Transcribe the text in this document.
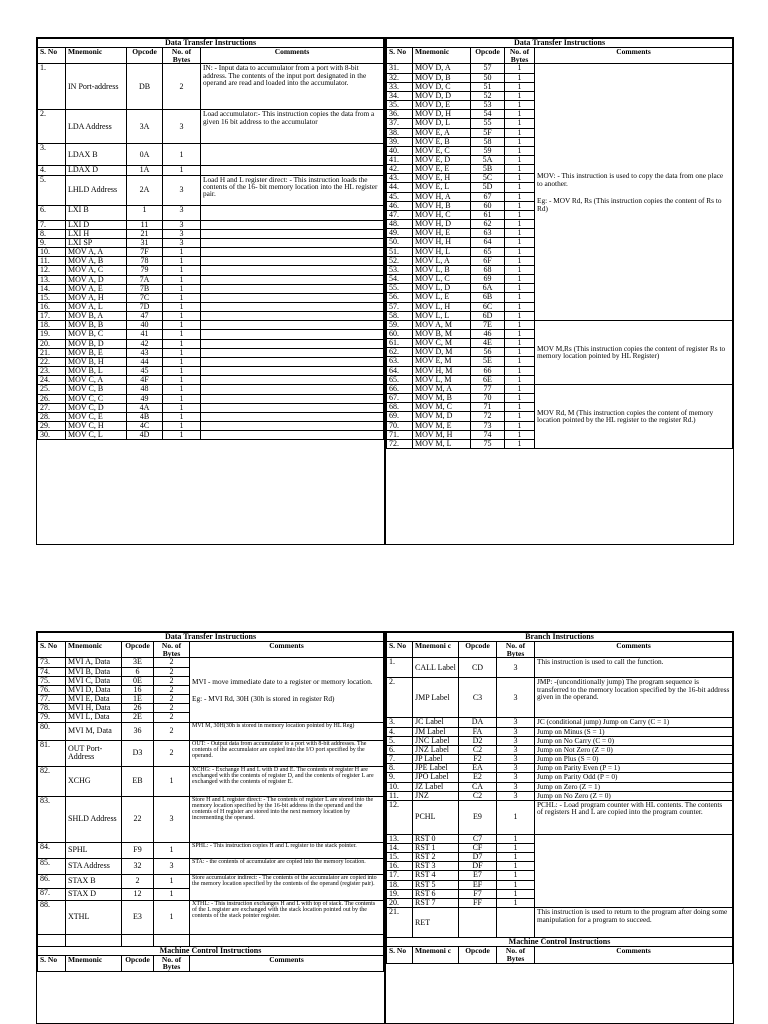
Data Transfer Instructions				
S. No	Mnemonic	Opcode	No. of Bytes	Comments
1.	IN Port-address	DB	2	IN: - Input data to accumulator from a port with 8-bit address. The contents of the input port designated in the operand are read and loaded into the accumulator.
2.	LDA Address	3A	3	Load accumulator:- This instruction copies the data from a given 16 bit address to the accumulator
3.	LDAX B	0A	1	
4.	LDAX D	1A	1	
5.	LHLD Address	2A	3	Load H and L register direct: - This instruction loads the contents of the 16- bit memory location into the HL register pair.
6.	LXI B	1	3	
7.	LXI D	11	3	
8.	LXI H	21	3	
9.	LXI SP	31	3	
10.	MOV A, A	7F	1	
11.	MOV A, B	78	1	
12.	MOV A, C	79	1	
13.	MOV A, D	7A	1	
14.	MOV A, E	7B	1	
15.	MOV A, H	7C	1	
16.	MOV A, L	7D	1	
17.	MOV B, A	47	1	
18.	MOV B, B	40	1	
19.	MOV B, C	41	1	
20.	MOV B, D	42	1	
21.	MOV B, E	43	1	
22.	MOV B, H	44	1	
23.	MOV B, L	45	1	
24.	MOV C, A	4F	1	
25.	MOV C, B	48	1	
26.	MOV C, C	49	1	
27.	MOV C, D	4A	1	
28.	MOV C, E	4B	1	
29.	MOV C, H	4C	1	
30.	MOV C, L	4D	1	
Data Transfer Instructions				
S. No	Mnemonic	Opcode	No. of Bytes	Comments
31.	MOV D, A	57	1	MOV: - This instruction is used to copy the data from one place to another.
Eg: - MOV Rd, Rs (This instruction copies the content of Rs to Rd)

32.	MOV D, B	50	1	
33.	MOV D, C	51	1	
34.	MOV D, D	52	1	
35.	MOV D, E	53	1	
36.	MOV D, H	54	1	
37.	MOV D, L	55	1	
38.	MOV E, A	5F	1	
39.	MOV E, B	58	1	
40.	MOV E, C	59	1	
41.	MOV E, D	5A	1	
42.	MOV E, E	5B	1	
43.	MOV E, H	5C	1	
44.	MOV E, L	5D	1	
45.	MOV H, A	67	1	
46.	MOV H, B	60	1	
47.	MOV H, C	61	1	
48.	MOV H, D	62	1	
49.	MOV H, E	63	1	
50.	MOV H, H	64	1	
51.	MOV H, L	65	1	
52.	MOV L, A	6F	1	
53.	MOV L, B	68	1	
54.	MOV L, C	69	1	
55.	MOV L, D	6A	1	
56.	MOV L, E	6B	1	
57.	MOV L, H	6C	1	
58.	MOV L, L	6D	1	
59.	MOV A, M	7E	1	MOV M,Rs (This instruction copies the content of register Rs to memory location pointed by HL Register)

60.	MOV B, M	46	1	
61.	MOV C, M	4E	1	
62.	MOV D, M	56	1	
63.	MOV E, M	5E	1	
64.	MOV H, M	66	1	
65.	MOV L, M	6E	1	
66.	MOV M, A	77	1	MOV Rd, M (This instruction copies the content of memory location pointed by the HL register to the register Rd.)

67.	MOV M, B	70	1	
68.	MOV M, C	71	1	
69.	MOV M, D	72	1	
70.	MOV M, E	73	1	
71.	MOV M, H	74	1	
72.	MOV M, L	75	1	
Data Transfer Instructions				
S. No	Mnemonic	Opcode	No. of Bytes	Comments
73.	MVI A, Data	3E	2	MVI - move immediate date to a register or memory location.
Eg: - MVI Rd, 30H (30h is stored in register Rd)

74.	MVI B, Data	6	2	
75.	MVI C, Data	0E	2	
76.	MVI D, Data	16	2	
77.	MVI E, Data	1E	2	
78.	MVI H, Data	26	2	
79.	MVI L, Data	2E	2	
80.	MVI M, Data	36	2	MVI M, 30H(30h is stored in memory location pointed by HL Reg)
81.	OUT Port-Address	D3	2	OUT: - Output data from accumulator to a port with 8-bit addresses. The contents of the accumulator are copied into the I/O port specified by the operand.
82.	XCHG	EB	1	XCHG: - Exchange H and L with D and E. The contents of register H are exchanged with the contents of register D, and the contents of register L are exchanged with the contents of register E.
83.	SHLD Address	22	3	Store H and L register direct: - The contents of register L are stored into the memory location specified by the 16-bit address in the operand and the contents of H register are stored into the next memory location by incrementing the operand.
84.	SPHL	F9	1	SPHL: - This instruction copies H and L register to the stack pointer.
85.	STA Address	32	3	STA: - the contents of accumulator are copied into the memory location.
86.	STAX B	2	1	Store accumulator indirect: - The contents of the accumulator are copied into the memory location specified by the contents of the operand (register pair).
87.	STAX D	12	1	
88.	XTHL	E3	1	XTHL: - This instruction exchanges H and L with top of stack. The contents of the L register are exchanged with the stack location pointed out by the contents of the stack pointer register.

Machine Control Instructions				
S. No	Mnemonic	Opcode	No. of Bytes	Comments
Branch Instructions				
S. No	Mnemoni c	Opcode	No. of Bytes	Comments
1.	CALL Label	CD	3	This instruction is used to call the function.
2.	JMP Label	C3	3	JMP: -(unconditionally jump) The program sequence is transferred to the memory location specified by the 16-bit address given in the operand.
3.	JC Label	DA	3	JC (conditional jump) Jump on Carry (C = 1)
4.	JM Label	FA	3	Jump on Minus (S = 1)
5.	JNC Label	D2	3	Jump on No Carry (C = 0)
6.	JNZ Label	C2	3	Jump on Not Zero (Z = 0)
7.	JP Label	F2	3	Jump on Plus (S = 0)
8.	JPE Label	EA	3	Jump on Parity Even (P = 1)
9.	JPO Label	E2	3	Jump on Parity Odd (P = 0)
10.	JZ Label	CA	3	Jump on Zero (Z = 1)
11.	JNZ	C2	3	Jump on No Zero (Z = 0)
12.	PCHL	E9	1	PCHL: - Load program counter with HL contents. The contents of registers H and L are copied into the program counter.
13.	RST 0	C7	1	
14.	RST 1	CF	1	
15.	RST 2	D7	1	
16.	RST 3	DF	1	
17.	RST 4	E7	1	
18.	RST 5	EF	1	
19.	RST 6	F7	1	
20.	RST 7	FF	1	
21.	RET			This instruction is used to return to the program after doing some manipulation for a program to succeed.
Machine Control Instructions				
S. No	Mnemoni c	Opcode	No. of Bytes	Comments
